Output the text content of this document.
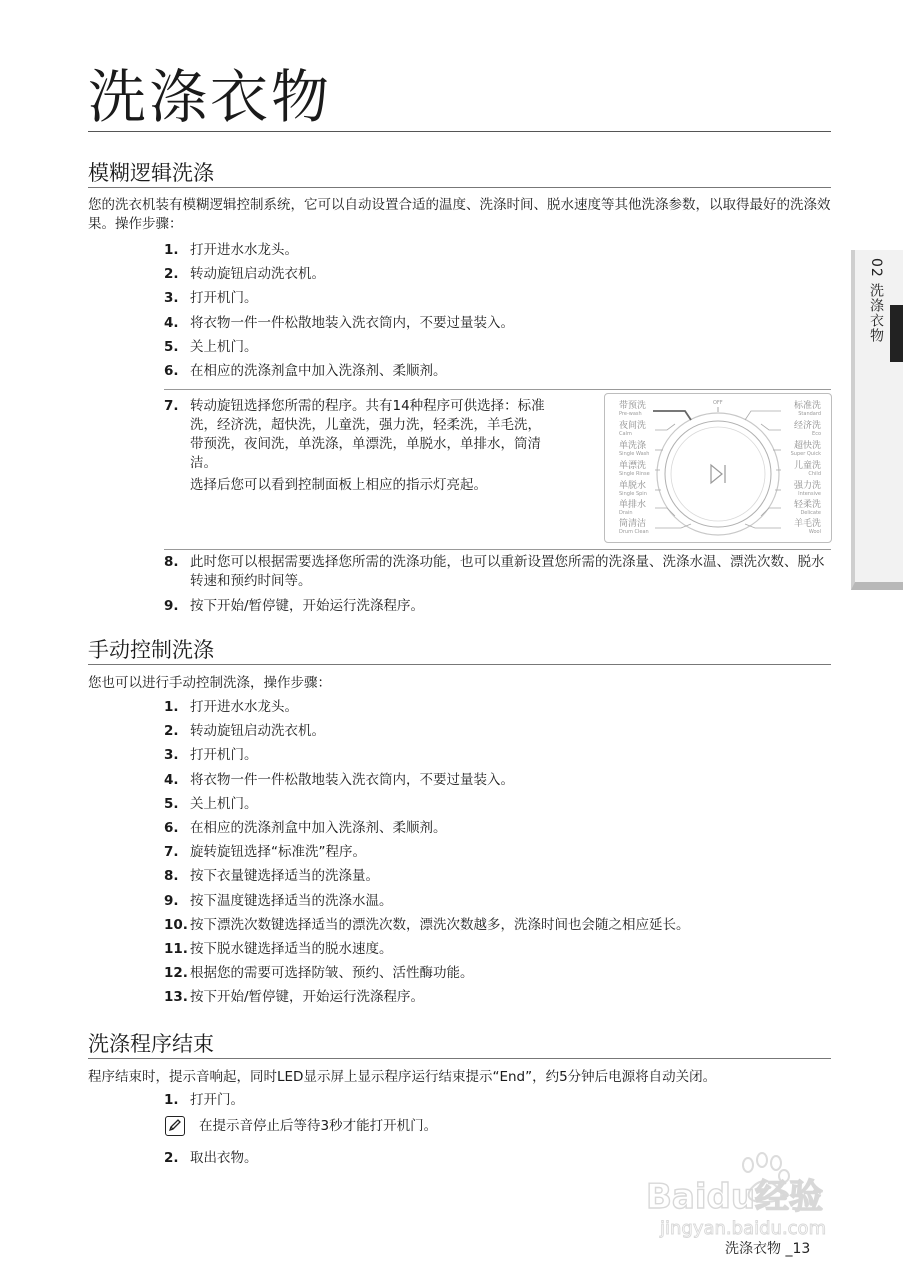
洗涤衣物
02 洗涤衣物
模糊逻辑洗涤

您的洗衣机装有模糊逻辑控制系统，它可以自动设置合适的温度、洗涤时间、脱水速度等其他洗涤参数，以取得最好的洗涤效果。操作步骤：

1. 打开进水水龙头。
2. 转动旋钮启动洗衣机。
3. 打开机门。
4. 将衣物一件一件松散地装入洗衣筒内，不要过量装入。
5. 关上机门。
6. 在相应的洗涤剂盒中加入洗涤剂、柔顺剂。
7. 转动旋钮选择您所需的程序。共有14种程序可供选择：标准洗，经济洗，超快洗，儿童洗，强力洗，轻柔洗，羊毛洗，带预洗，夜间洗，单洗涤，单漂洗，单脱水，单排水，筒清洁。
选择后您可以看到控制面板上相应的指示灯亮起。
OFF
带预洗
Pre-wash
夜间洗
Calm
单洗涤
Single Wash
单漂洗
Single Rinse
单脱水
Single Spin
单排水
Drain
筒清洁
Drum Clean
标准洗
Standard
经济洗
Eco
超快洗
Super Quick
儿童洗
Child
强力洗
Intensive
轻柔洗
Delicate
羊毛洗
Wool
8. 此时您可以根据需要选择您所需的洗涤功能，也可以重新设置您所需的洗涤量、洗涤水温、漂洗次数、脱水转速和预约时间等。
9. 按下开始/暂停键，开始运行洗涤程序。
手动控制洗涤

您也可以进行手动控制洗涤，操作步骤：

1. 打开进水水龙头。
2. 转动旋钮启动洗衣机。
3. 打开机门。
4. 将衣物一件一件松散地装入洗衣筒内，不要过量装入。
5. 关上机门。
6. 在相应的洗涤剂盒中加入洗涤剂、柔顺剂。
7. 旋转旋钮选择“标准洗”程序。
8. 按下衣量键选择适当的洗涤量。
9. 按下温度键选择适当的洗涤水温。
10. 按下漂洗次数键选择适当的漂洗次数，漂洗次数越多，洗涤时间也会随之相应延长。
11. 按下脱水键选择适当的脱水速度。
12. 根据您的需要可选择防皱、预约、活性酶功能。
13. 按下开始/暂停键，开始运行洗涤程序。
洗涤程序结束

程序结束时，提示音响起，同时LED显示屏上显示程序运行结束提示“End”，约5分钟后电源将自动关闭。

1. 打开门。
在提示音停止后等待3秒才能打开机门。
2. 取出衣物。
Baidu经验
jingyan.baidu.com
洗涤衣物 _13
